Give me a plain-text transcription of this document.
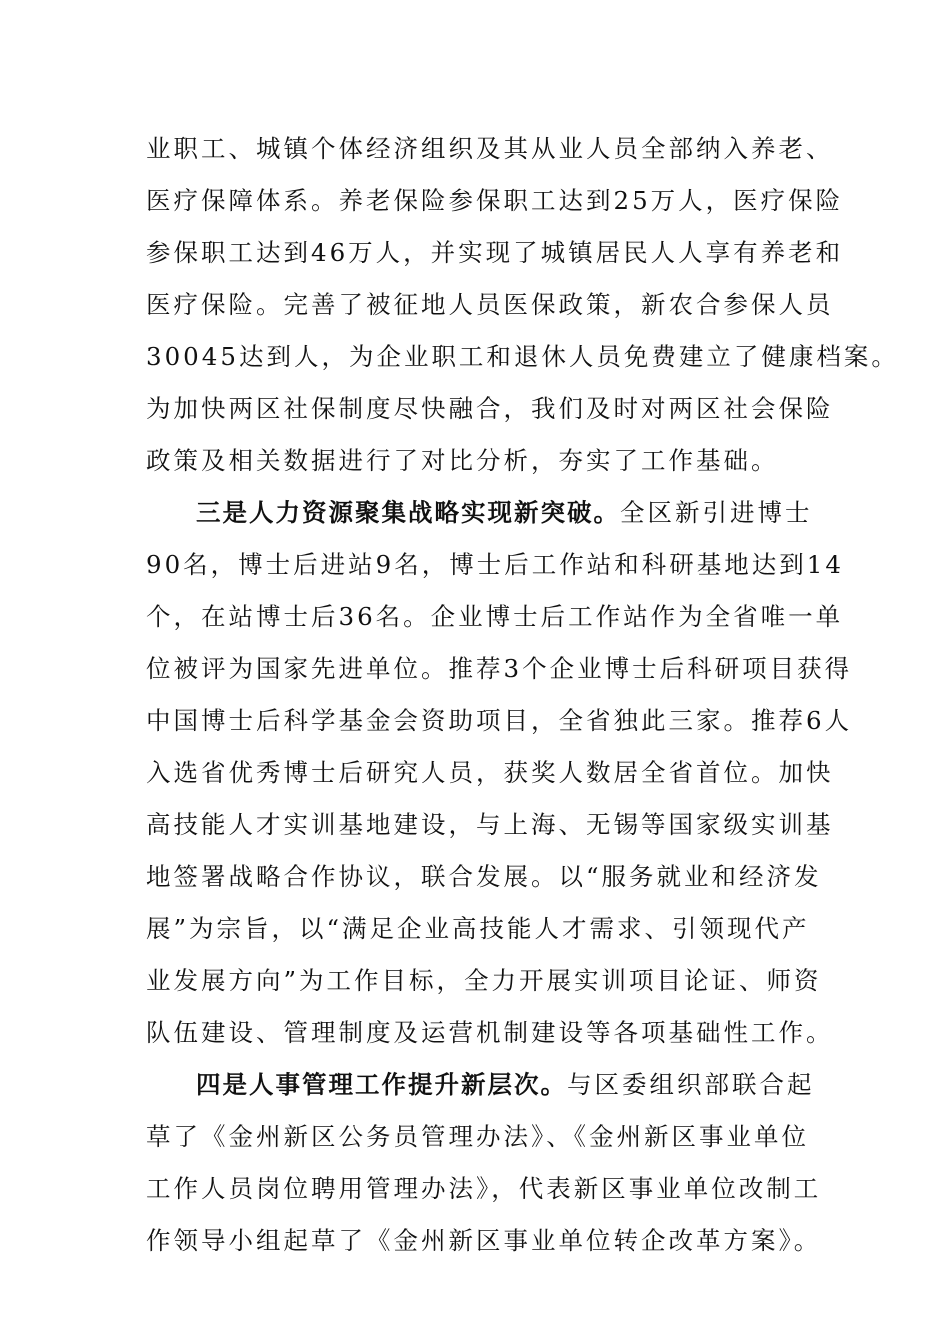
业职工、城镇个体经济组织及其从业人员全部纳入养老、
医疗保障体系。养老保险参保职工达到25万人，医疗保险
参保职工达到46万人，并实现了城镇居民人人享有养老和
医疗保险。完善了被征地人员医保政策，新农合参保人员
30045达到人，为企业职工和退休人员免费建立了健康档案。
为加快两区社保制度尽快融合，我们及时对两区社会保险
政策及相关数据进行了对比分析，夯实了工作基础。
三是人力资源聚集战略实现新突破。全区新引进博士
90名，博士后进站9名，博士后工作站和科研基地达到14
个，在站博士后36名。企业博士后工作站作为全省唯一单
位被评为国家先进单位。推荐3个企业博士后科研项目获得
中国博士后科学基金会资助项目，全省独此三家。推荐6人
入选省优秀博士后研究人员，获奖人数居全省首位。加快
高技能人才实训基地建设，与上海、无锡等国家级实训基
地签署战略合作协议，联合发展。以“服务就业和经济发
展”为宗旨，以“满足企业高技能人才需求、引领现代产
业发展方向”为工作目标，全力开展实训项目论证、师资
队伍建设、管理制度及运营机制建设等各项基础性工作。
四是人事管理工作提升新层次。与区委组织部联合起
草了《金州新区公务员管理办法》、《金州新区事业单位
工作人员岗位聘用管理办法》，代表新区事业单位改制工
作领导小组起草了《金州新区事业单位转企改革方案》。
